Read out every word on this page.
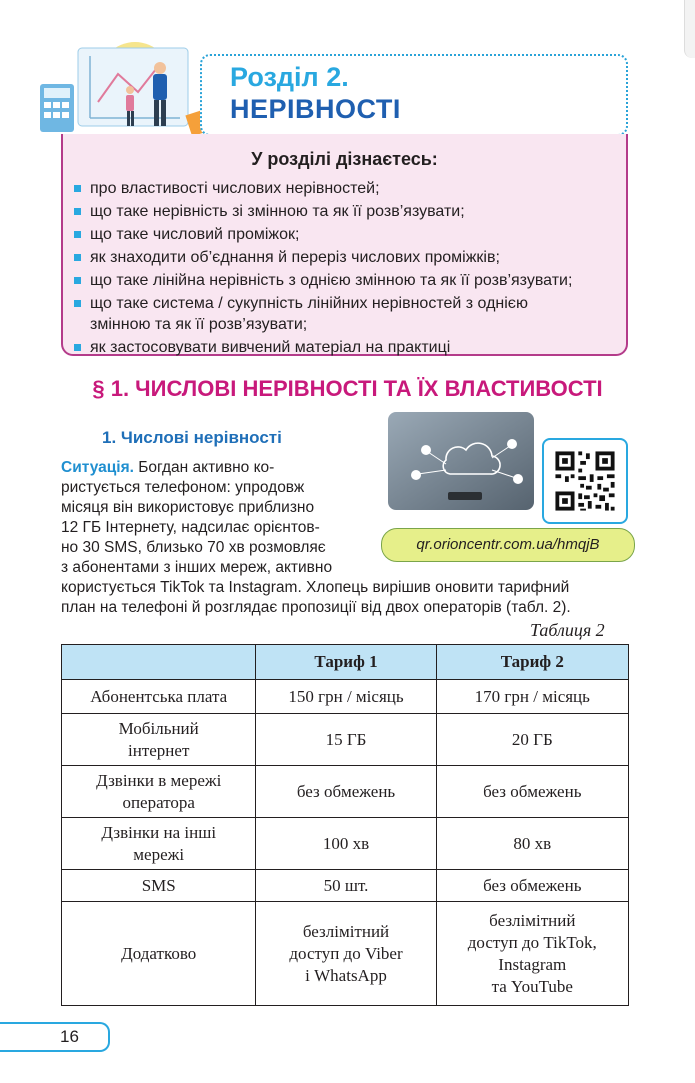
Розділ 2.
НЕРІВНОСТІ
У розділі дізнаєтесь:
про властивості числових нерівностей;
що таке нерівність зі змінною та як її розв’язувати;
що таке числовий проміжок;
як знаходити об’єднання й переріз числових проміжків;
що таке лінійна нерівність з однією змінною та як її розв’язувати;
що таке система / сукупність лінійних нерівностей з однією
змінною та як її розв’язувати;
як застосовувати вивчений матеріал на практиці
§ 1. ЧИСЛОВІ НЕРІВНОСТІ ТА ЇХ ВЛАСТИВОСТІ
1. Числові нерівності
qr.orioncentr.com.ua/hmqjB
Ситуація. Богдан активно ко-
ристується телефоном: упродовж
місяця він використовує приблизно
12 ГБ Інтернету, надсилає орієнтов-
но 30 SMS, близько 70 хв розмовляє
з абонентами з інших мереж, активно
користується TikTok та Instagram. Хлопець вирішив оновити тарифний
план на телефоні й розглядає пропозиції від двох операторів (табл. 2).
Таблиця 2
	Тариф 1	Тариф 2
Абонентська плата	150 грн / місяць	170 грн / місяць
Мобільний
інтернет	15 ГБ	20 ГБ
Дзвінки в мережі
оператора	без обмежень	без обмежень
Дзвінки на інші
мережі	100 хв	80 хв
SMS	50 шт.	без обмежень
Додатково	безлімітний
доступ до Viber
і WhatsApp	безлімітний
доступ до TikTok,
Instagram
та YouTube
16
